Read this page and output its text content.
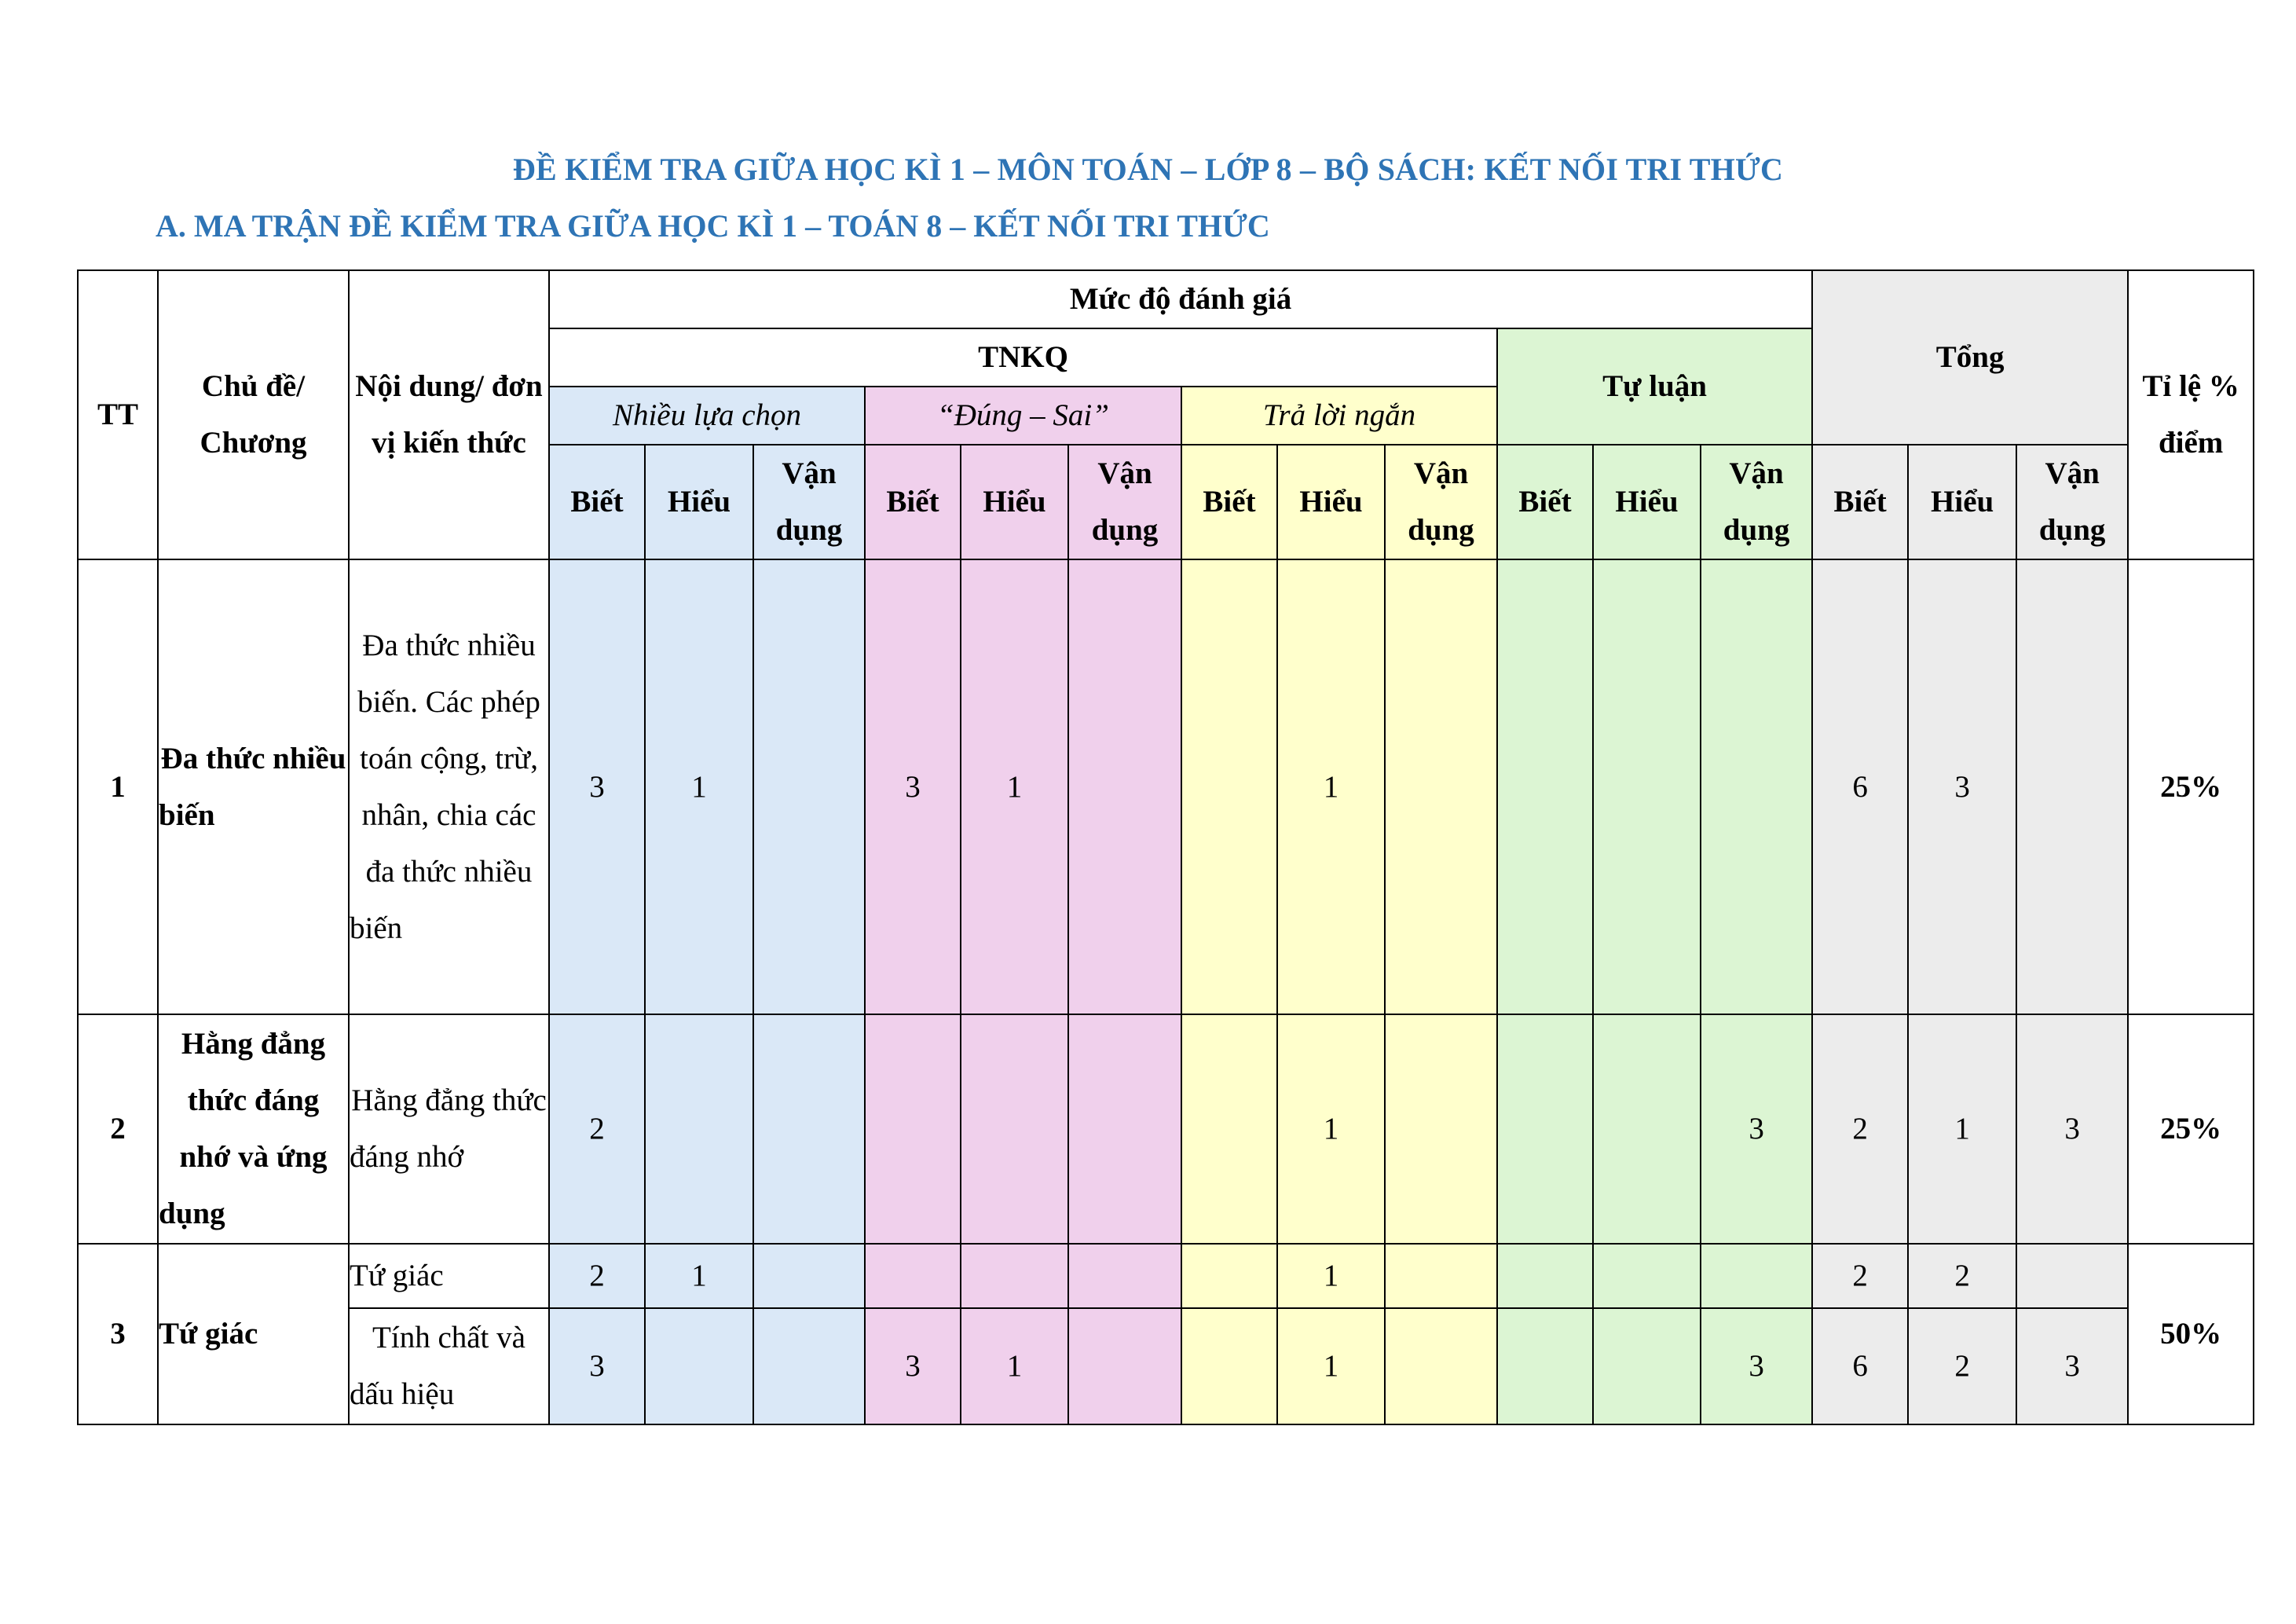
ĐỀ KIỂM TRA GIỮA HỌC KÌ 1 – MÔN TOÁN – LỚP 8 – BỘ SÁCH: KẾT NỐI TRI THỨC
A. MA TRẬN ĐỀ KIỂM TRA GIỮA HỌC KÌ 1 – TOÁN 8 – KẾT NỐI TRI THỨC
TT	Chủ đề/ Chương	Nội dung/ đơn vị kiến thức	Mức độ đánh giá												Tổng			Tỉ lệ % điểm
			TNKQ									Tự luận						
			Nhiều lựa chọn			“Đúng – Sai”			Trả lời ngắn									
			Biết	Hiểu	Vận dụng	Biết	Hiểu	Vận dụng	Biết	Hiểu	Vận dụng	Biết	Hiểu	Vận dụng	Biết	Hiểu	Vận dụng	
1	Đa thức nhiều biến	Đa thức nhiều biến. Các phép toán cộng, trừ, nhân, chia các đa thức nhiều biến	3	1		3	1			1					6	3		25%
2	Hằng đẳng thức đáng nhớ và ứng dụng	Hằng đẳng thức đáng nhớ	2							1				3	2	1	3	25%
3	Tứ giác	Tứ giác	2	1						1					2	2		50%
		Tính chất và dấu hiệu	3			3	1			1				3	6	2	3	
